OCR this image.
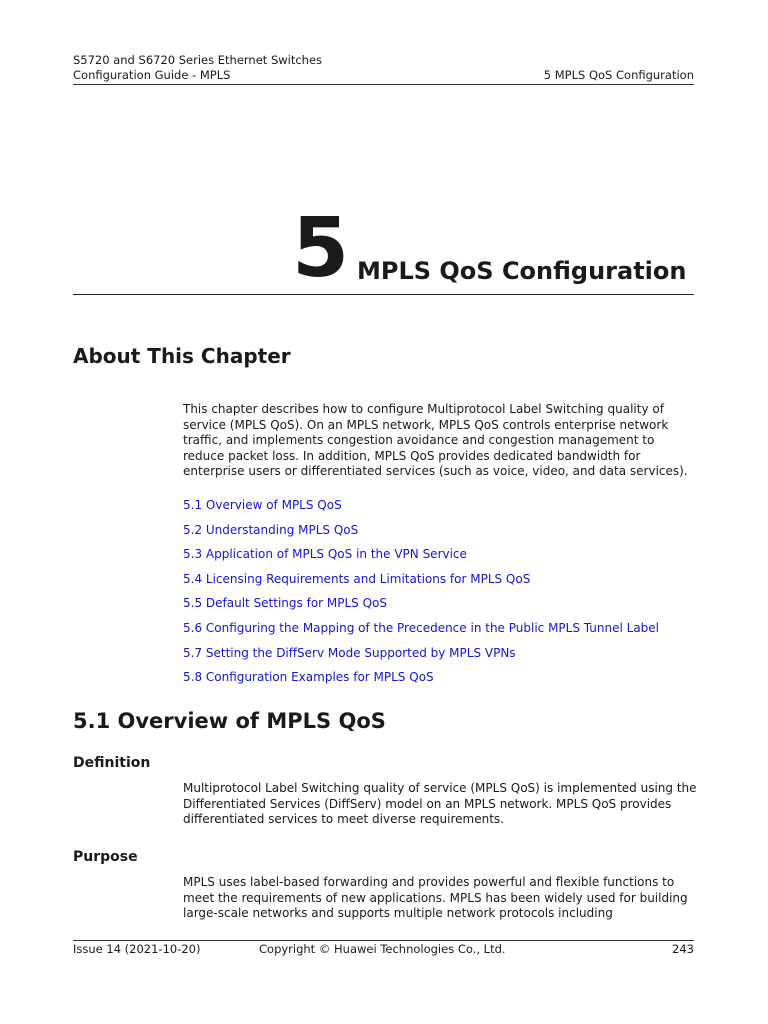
S5720 and S6720 Series Ethernet Switches
Configuration Guide - MPLS	5 MPLS QoS Configuration
5 MPLS QoS Configuration
About This Chapter
This chapter describes how to configure Multiprotocol Label Switching quality of service (MPLS QoS). On an MPLS network, MPLS QoS controls enterprise network traffic, and implements congestion avoidance and congestion management to reduce packet loss. In addition, MPLS QoS provides dedicated bandwidth for enterprise users or differentiated services (such as voice, video, and data services).
5.1 Overview of MPLS QoS
5.2 Understanding MPLS QoS
5.3 Application of MPLS QoS in the VPN Service
5.4 Licensing Requirements and Limitations for MPLS QoS
5.5 Default Settings for MPLS QoS
5.6 Configuring the Mapping of the Precedence in the Public MPLS Tunnel Label
5.7 Setting the DiffServ Mode Supported by MPLS VPNs
5.8 Configuration Examples for MPLS QoS
5.1 Overview of MPLS QoS
Definition
Multiprotocol Label Switching quality of service (MPLS QoS) is implemented using the Differentiated Services (DiffServ) model on an MPLS network. MPLS QoS provides differentiated services to meet diverse requirements.
Purpose
MPLS uses label-based forwarding and provides powerful and flexible functions to meet the requirements of new applications. MPLS has been widely used for building large-scale networks and supports multiple network protocols including
Issue 14 (2021-10-20)	Copyright © Huawei Technologies Co., Ltd.	243
